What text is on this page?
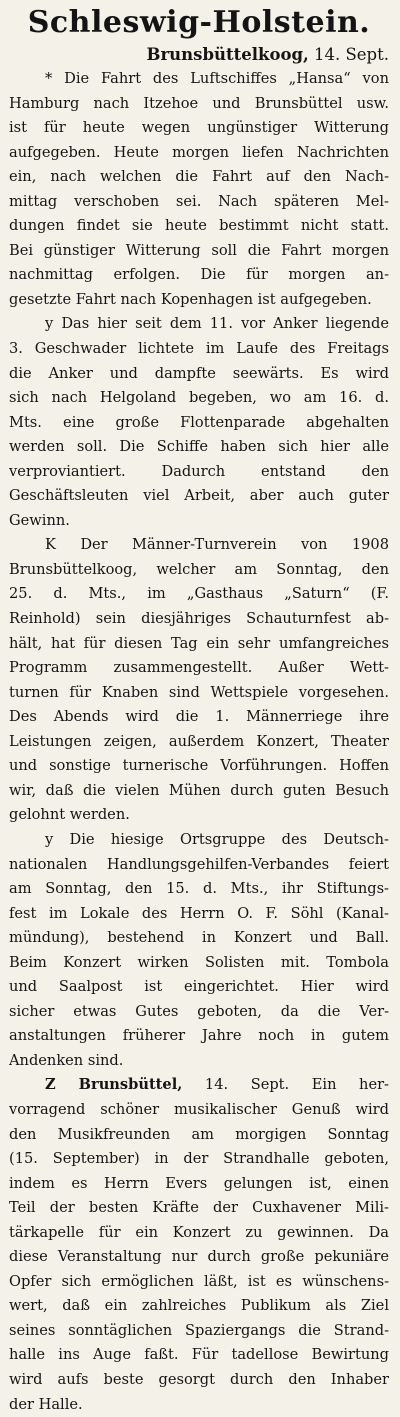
Schleswig-Holstein.

Brunsbüttelkoog, 14. Sept.

* Die Fahrt des Luftschiffes „Hansa“ von
Hamburg nach Itzehoe und Brunsbüttel usw.
ist für heute wegen ungünstiger Witterung
aufgegeben. Heute morgen liefen Nachrichten
ein, nach welchen die Fahrt auf den Nach-
mittag verschoben sei. Nach späteren Mel-
dungen findet sie heute bestimmt nicht statt.
Bei günstiger Witterung soll die Fahrt morgen
nachmittag erfolgen. Die für morgen an-
gesetzte Fahrt nach Kopenhagen ist aufgegeben.
y Das hier seit dem 11. vor Anker liegende
3. Geschwader lichtete im Laufe des Freitags
die Anker und dampfte seewärts. Es wird
sich nach Helgoland begeben, wo am 16. d.
Mts. eine große Flottenparade abgehalten
werden soll. Die Schiffe haben sich hier alle
verproviantiert. Dadurch entstand den
Geschäftsleuten viel Arbeit, aber auch guter
Gewinn.
K Der Männer-Turnverein von 1908
Brunsbüttelkoog, welcher am Sonntag, den
25. d. Mts., im „Gasthaus „Saturn“ (F.
Reinhold) sein diesjähriges Schauturnfest ab-
hält, hat für diesen Tag ein sehr umfangreiches
Programm zusammengestellt. Außer Wett-
turnen für Knaben sind Wettspiele vorgesehen.
Des Abends wird die 1. Männerriege ihre
Leistungen zeigen, außerdem Konzert, Theater
und sonstige turnerische Vorführungen. Hoffen
wir, daß die vielen Mühen durch guten Besuch
gelohnt werden.
y Die hiesige Ortsgruppe des Deutsch-
nationalen Handlungsgehilfen-Verbandes feiert
am Sonntag, den 15. d. Mts., ihr Stiftungs-
fest im Lokale des Herrn O. F. Söhl (Kanal-
mündung), bestehend in Konzert und Ball.
Beim Konzert wirken Solisten mit. Tombola
und Saalpost ist eingerichtet. Hier wird
sicher etwas Gutes geboten, da die Ver-
anstaltungen früherer Jahre noch in gutem
Andenken sind.
Z Brunsbüttel, 14. Sept. Ein her-
vorragend schöner musikalischer Genuß wird
den Musikfreunden am morgigen Sonntag
(15. September) in der Strandhalle geboten,
indem es Herrn Evers gelungen ist, einen
Teil der besten Kräfte der Cuxhavener Mili-
tärkapelle für ein Konzert zu gewinnen. Da
diese Veranstaltung nur durch große pekuniäre
Opfer sich ermöglichen läßt, ist es wünschens-
wert, daß ein zahlreiches Publikum als Ziel
seines sonntäglichen Spaziergangs die Strand-
halle ins Auge faßt. Für tadellose Bewirtung
wird aufs beste gesorgt durch den Inhaber
der Halle.
